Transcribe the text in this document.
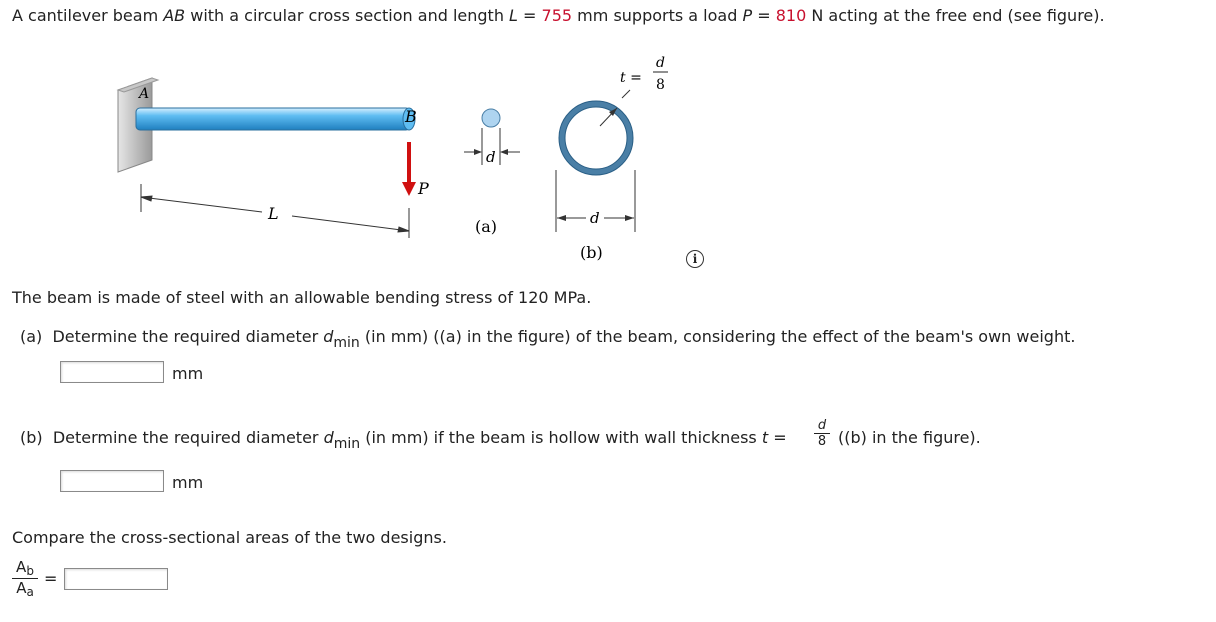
A cantilever beam AB with a circular cross section and length L = 755 mm supports a load P = 810 N acting at the free end (see figure).
B
A
P
L
d
(a)	d
(b)
t =
d
8
i
The beam is made of steel with an allowable bending stress of 120 MPa.
(a) Determine the required diameter dmin (in mm) ((a) in the figure) of the beam, considering the effect of the beam's own weight.
mm
(b) Determine the required diameter dmin (in mm) if the beam is hollow with wall thickness $t = \frac{d}{8} ((b)$ in the figure).
mm
Compare the cross-sectional areas of the two designs.
$\frac{A_b}{A_a}$ =
